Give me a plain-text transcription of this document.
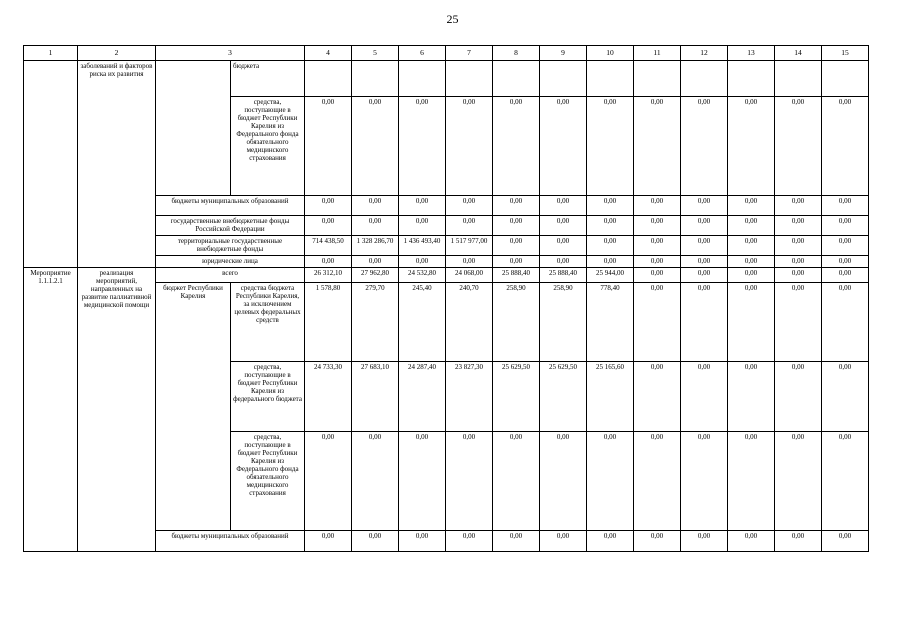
25
1	2	3		4	5	6	7	8	9	10	11	12	13	14	15
	заболеваний и факторов риска их развития		бюджета												
			средства, поступающие в бюджет Республики Карелия из Федерального фонда обязательного медицинского страхования	0,00	0,00	0,00	0,00	0,00	0,00	0,00	0,00	0,00	0,00	0,00	0,00
		бюджеты муниципальных образований		0,00	0,00	0,00	0,00	0,00	0,00	0,00	0,00	0,00	0,00	0,00	0,00
		государственные внебюджетные фонды Российской Федерации		0,00	0,00	0,00	0,00	0,00	0,00	0,00	0,00	0,00	0,00	0,00	0,00
		территориальные государственные внебюджетные фонды		714 438,50	1 328 286,70	1 436 493,40	1 517 977,00	0,00	0,00	0,00	0,00	0,00	0,00	0,00	0,00
		юридические лица		0,00	0,00	0,00	0,00	0,00	0,00	0,00	0,00	0,00	0,00	0,00	0,00
Мероприятие 1.1.1.2.1	реализация мероприятий, направленных на развитие паллиативной медицинской помощи	всего		26 312,10	27 962,80	24 532,80	24 068,00	25 888,40	25 888,40	25 944,00	0,00	0,00	0,00	0,00	0,00
		бюджет Республики Карелия	средства бюджета Республики Карелия, за исключением целевых федеральных средств	1 578,80	279,70	245,40	240,70	258,90	258,90	778,40	0,00	0,00	0,00	0,00	0,00
			средства, поступающие в бюджет Республики Карелия из федерального бюджета	24 733,30	27 683,10	24 287,40	23 827,30	25 629,50	25 629,50	25 165,60	0,00	0,00	0,00	0,00	0,00
			средства, поступающие в бюджет Республики Карелия из Федерального фонда обязательного медицинского страхования	0,00	0,00	0,00	0,00	0,00	0,00	0,00	0,00	0,00	0,00	0,00	0,00
		бюджеты муниципальных образований		0,00	0,00	0,00	0,00	0,00	0,00	0,00	0,00	0,00	0,00	0,00	0,00
